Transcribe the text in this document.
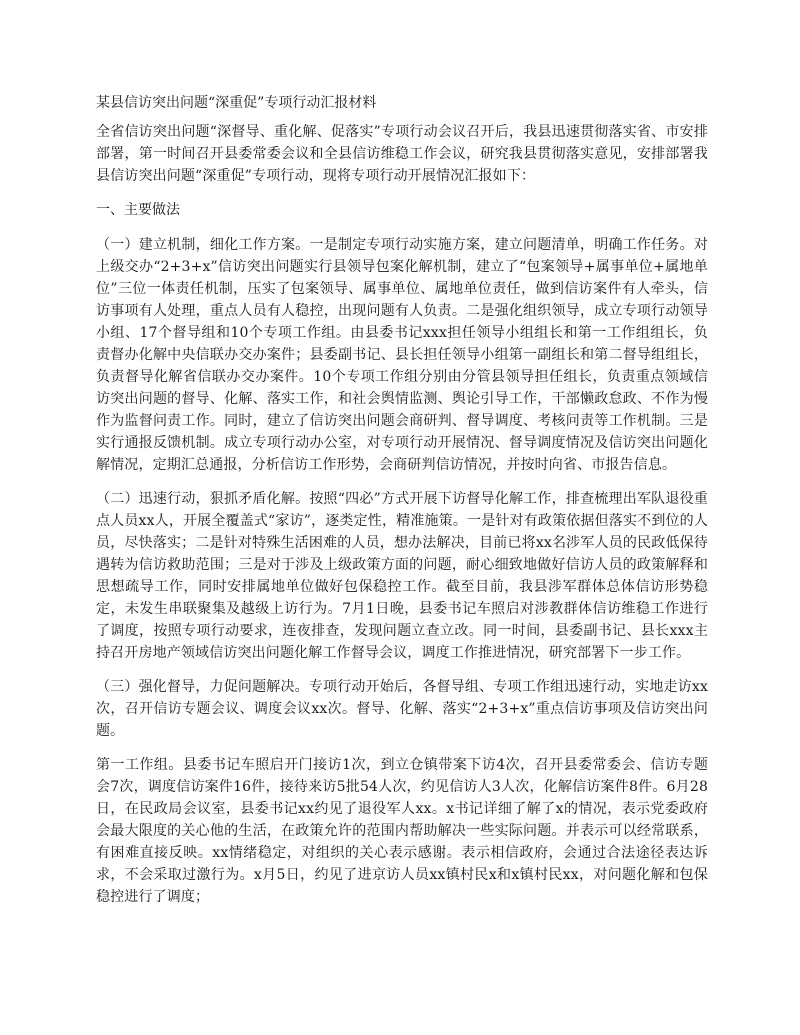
某县信访突出问题“深重促”专项行动汇报材料

全省信访突出问题“深督导、重化解、促落实”专项行动会议召开后，我县迅速贯彻落实省、市安排部署，第一时间召开县委常委会议和全县信访维稳工作会议，研究我县贯彻落实意见，安排部署我县信访突出问题“深重促”专项行动，现将专项行动开展情况汇报如下：

一、主要做法

（一）建立机制，细化工作方案。一是制定专项行动实施方案，建立问题清单，明确工作任务。对上级交办“2+3+x”信访突出问题实行县领导包案化解机制，建立了“包案领导+属事单位+属地单位”三位一体责任机制，压实了包案领导、属事单位、属地单位责任，做到信访案件有人牵头，信访事项有人处理，重点人员有人稳控，出现问题有人负责。二是强化组织领导，成立专项行动领导小组、17个督导组和10个专项工作组。由县委书记xxx担任领导小组组长和第一工作组组长，负责督办化解中央信联办交办案件；县委副书记、县长担任领导小组第一副组长和第二督导组组长，负责督导化解省信联办交办案件。10个专项工作组分别由分管县领导担任组长，负责重点领域信访突出问题的督导、化解、落实工作，和社会舆情监测、舆论引导工作，干部懒政怠政、不作为慢作为监督问责工作。同时，建立了信访突出问题会商研判、督导调度、考核问责等工作机制。三是实行通报反馈机制。成立专项行动办公室，对专项行动开展情况、督导调度情况及信访突出问题化解情况，定期汇总通报，分析信访工作形势，会商研判信访情况，并按时向省、市报告信息。

（二）迅速行动，狠抓矛盾化解。按照“四必”方式开展下访督导化解工作，排查梳理出军队退役重点人员xx人，开展全覆盖式“家访”，逐类定性，精准施策。一是针对有政策依据但落实不到位的人员，尽快落实；二是针对特殊生活困难的人员，想办法解决，目前已将xx名涉军人员的民政低保待遇转为信访救助范围；三是对于涉及上级政策方面的问题，耐心细致地做好信访人员的政策解释和思想疏导工作，同时安排属地单位做好包保稳控工作。截至目前，我县涉军群体总体信访形势稳定，未发生串联聚集及越级上访行为。7月1日晚，县委书记车照启对涉教群体信访维稳工作进行了调度，按照专项行动要求，连夜排查，发现问题立查立改。同一时间，县委副书记、县长xxx主持召开房地产领域信访突出问题化解工作督导会议，调度工作推进情况，研究部署下一步工作。

（三）强化督导，力促问题解决。专项行动开始后，各督导组、专项工作组迅速行动，实地走访xx次，召开信访专题会议、调度会议xx次。督导、化解、落实“2+3+x”重点信访事项及信访突出问题。

第一工作组。县委书记车照启开门接访1次，到立仓镇带案下访4次，召开县委常委会、信访专题会7次，调度信访案件16件，接待来访5批54人次，约见信访人3人次，化解信访案件8件。6月28日，在民政局会议室，县委书记xx约见了退役军人xx。x书记详细了解了x的情况，表示党委政府会最大限度的关心他的生活，在政策允许的范围内帮助解决一些实际问题。并表示可以经常联系，有困难直接反映。xx情绪稳定，对组织的关心表示感谢。表示相信政府，会通过合法途径表达诉求，不会采取过激行为。x月5日，约见了进京访人员xx镇村民x和x镇村民xx，对问题化解和包保稳控进行了调度；
